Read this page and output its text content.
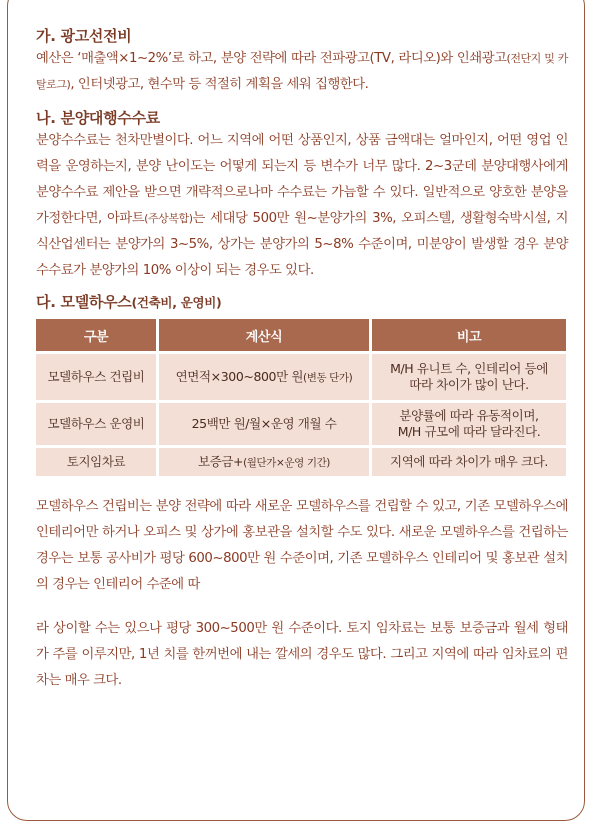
가. 광고선전비

예산은 ‘매출액×1~2%’로 하고, 분양 전략에 따라 전파광고(TV, 라디오)와 인쇄광고(전단지 및 카탈로그), 인터넷광고, 현수막 등 적절히 계획을 세워 집행한다.

나. 분양대행수수료

분양수수료는 천차만별이다. 어느 지역에 어떤 상품인지, 상품 금액대는 얼마인지, 어떤 영업 인력을 운영하는지, 분양 난이도는 어떻게 되는지 등 변수가 너무 많다. 2~3군데 분양대행사에게 분양수수료 제안을 받으면 개략적으로나마 수수료는 가늠할 수 있다. 일반적으로 양호한 분양을 가정한다면, 아파트(주상복합)는 세대당 500만 원~분양가의 3%, 오피스텔, 생활형숙박시설, 지식산업센터는 분양가의 3~5%, 상가는 분양가의 5~8% 수준이며, 미분양이 발생할 경우 분양수수료가 분양가의 10% 이상이 되는 경우도 있다.

다. 모델하우스(건축비, 운영비)

구분	계산식	비고
모델하우스 건립비	연면적×300~800만 원(변동 단가)	M/H 유니트 수, 인테리어 등에
따라 차이가 많이 난다.
모델하우스 운영비	25백만 원/월×운영 개월 수	분양률에 따라 유동적이며,
M/H 규모에 따라 달라진다.
토지임차료	보증금+(월단가×운영 기간)	지역에 따라 차이가 매우 크다.

모델하우스 건립비는 분양 전략에 따라 새로운 모델하우스를 건립할 수 있고, 기존 모델하우스에 인테리어만 하거나 오피스 및 상가에 홍보관을 설치할 수도 있다. 새로운 모델하우스를 건립하는 경우는 보통 공사비가 평당 600~800만 원 수준이며, 기존 모델하우스 인테리어 및 홍보관 설치의 경우는 인테리어 수준에 따

라 상이할 수는 있으나 평당 300~500만 원 수준이다. 토지 임차료는 보통 보증금과 월세 형태가 주를 이루지만, 1년 치를 한꺼번에 내는 깔세의 경우도 많다. 그리고 지역에 따라 임차료의 편차는 매우 크다.
